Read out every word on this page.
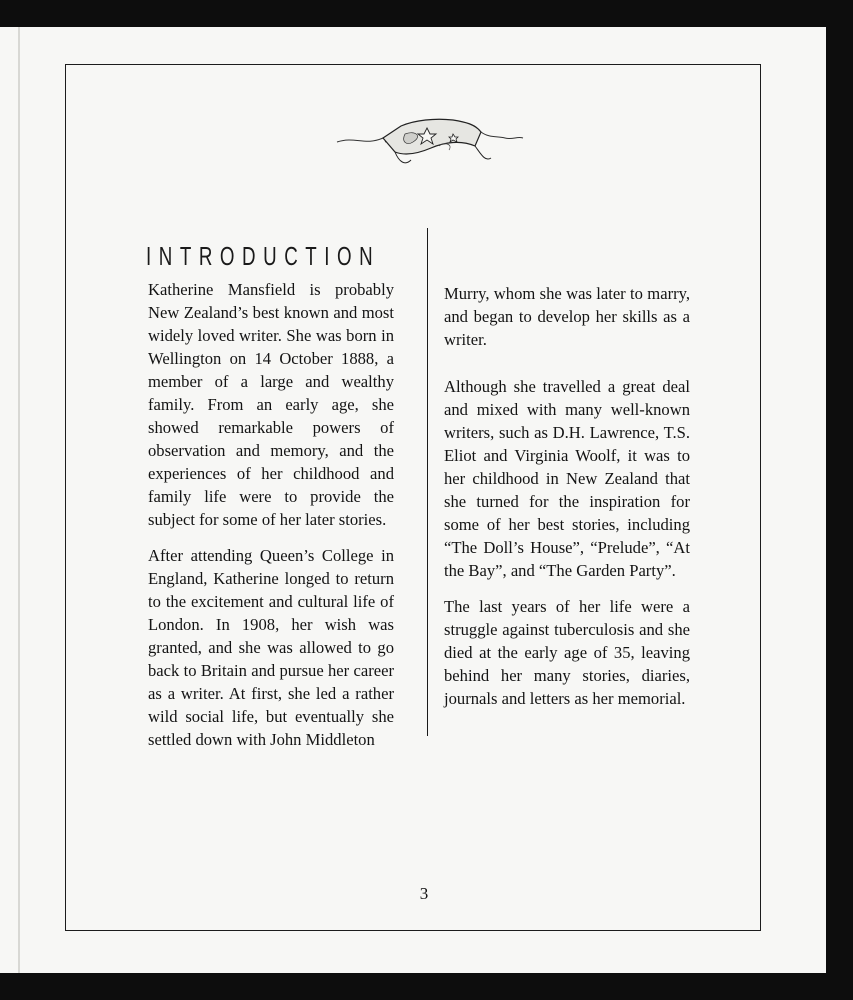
INTRODUCTION

Katherine Mansfield is probably New Zealand’s best known and most widely loved writer. She was born in Wellington on 14 October 1888, a member of a large and wealthy family. From an early age, she showed remarkable powers of observation and memory, and the experiences of her childhood and family life were to provide the subject for some of her later stories.

After attending Queen’s College in England, Katherine longed to return to the excitement and cultural life of London. In 1908, her wish was granted, and she was allowed to go back to Britain and pursue her career as a writer. At first, she led a rather wild social life, but eventually she settled down with John Middleton

Murry, whom she was later to marry, and began to develop her skills as a writer.

Although she travelled a great deal and mixed with many well-known writers, such as D.H. Lawrence, T.S. Eliot and Virginia Woolf, it was to her childhood in New Zealand that she turned for the inspiration for some of her best stories, including “The Doll’s House”, “Prelude”, “At the Bay”, and “The Garden Party”.

The last years of her life were a struggle against tuberculosis and she died at the early age of 35, leaving behind her many stories, diaries, journals and letters as her memorial.

3
